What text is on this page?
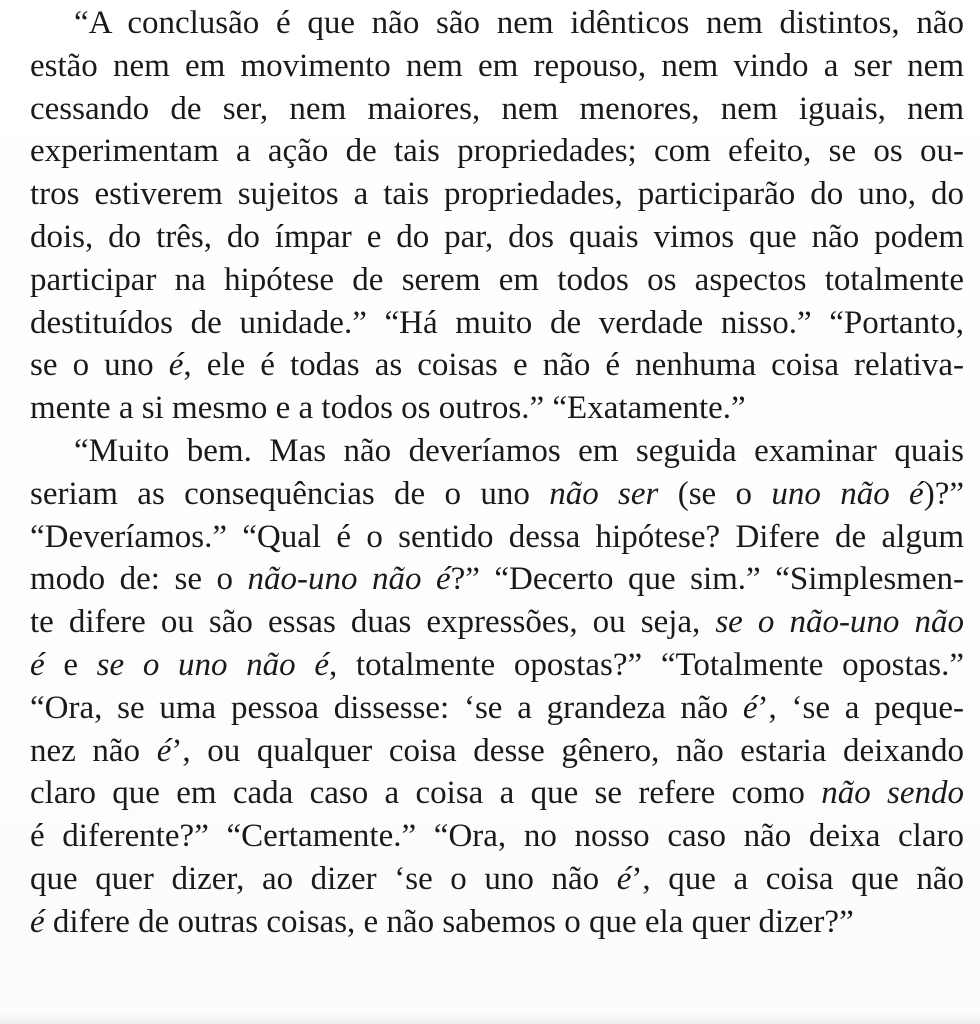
“A conclusão é que não são nem idênticos nem distintos, não
estão nem em movimento nem em repouso, nem vindo a ser nem
cessando de ser, nem maiores, nem menores, nem iguais, nem
experimentam a ação de tais propriedades; com efeito, se os ou-
tros estiverem sujeitos a tais propriedades, participarão do uno, do
dois, do três, do ímpar e do par, dos quais vimos que não podem
participar na hipótese de serem em todos os aspectos totalmente
destituídos de unidade.” “Há muito de verdade nisso.” “Portanto,
se o uno é, ele é todas as coisas e não é nenhuma coisa relativa-
mente a si mesmo e a todos os outros.” “Exatamente.”
“Muito bem. Mas não deveríamos em seguida examinar quais
seriam as consequências de o uno não ser (se o uno não é)?”
“Deveríamos.” “Qual é o sentido dessa hipótese? Difere de algum
modo de: se o não-uno não é?” “Decerto que sim.” “Simplesmen-
te difere ou são essas duas expressões, ou seja, se o não-uno não
é e se o uno não é, totalmente opostas?” “Totalmente opostas.”
“Ora, se uma pessoa dissesse: ‘se a grandeza não é’, ‘se a peque-
nez não é’, ou qualquer coisa desse gênero, não estaria deixando
claro que em cada caso a coisa a que se refere como não sendo
é diferente?” “Certamente.” “Ora, no nosso caso não deixa claro
que quer dizer, ao dizer ‘se o uno não é’, que a coisa que não
é difere de outras coisas, e não sabemos o que ela quer dizer?”
